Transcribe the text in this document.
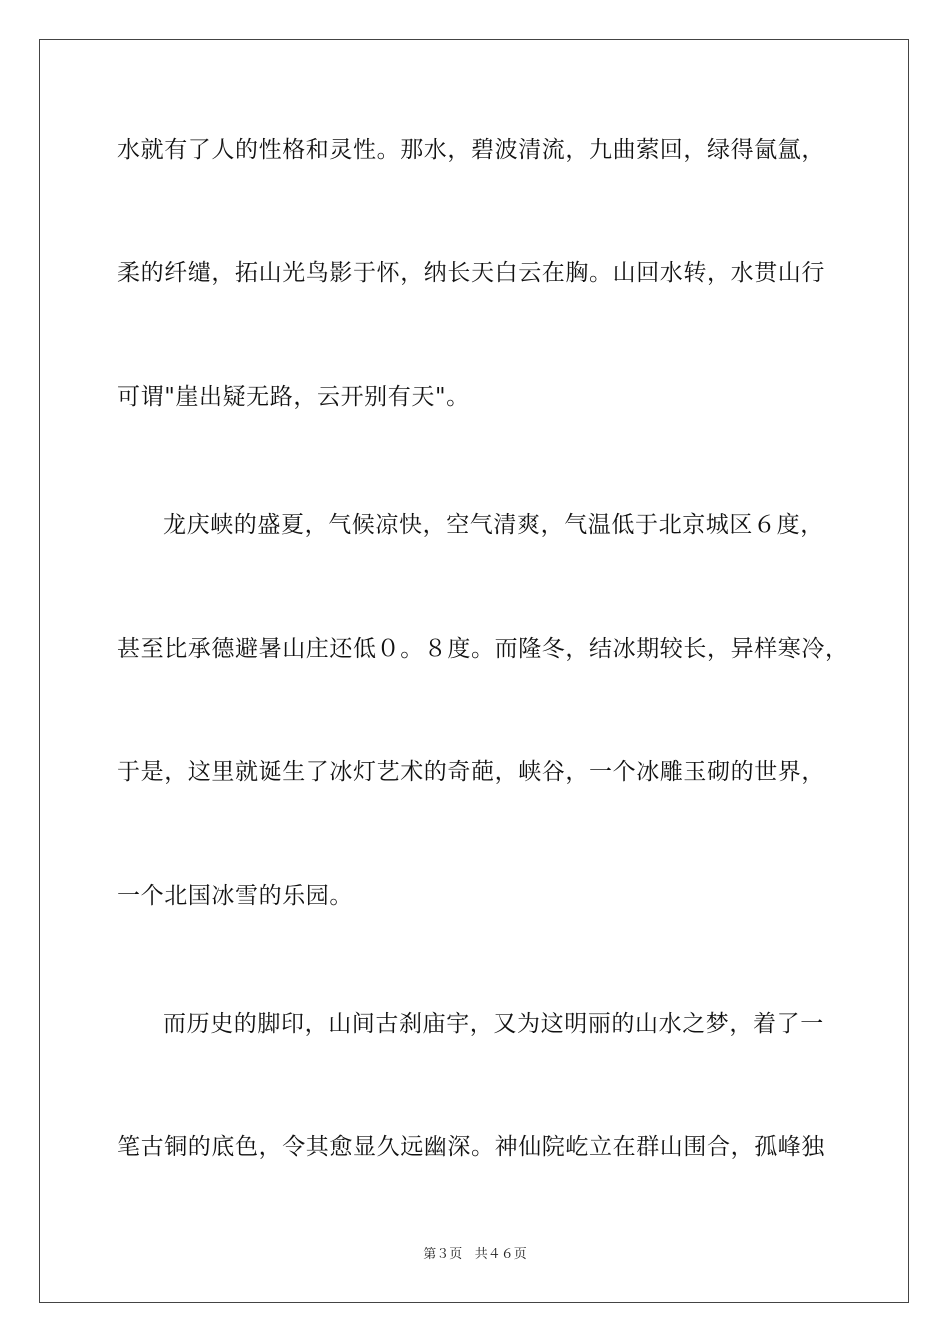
水就有了人的性格和灵性。那水，碧波清流，九曲萦回，绿得氤氲，
柔的纤缱，拓山光鸟影于怀，纳长天白云在胸。山回水转，水贯山行
可谓"崖出疑无路，云开别有天"。
龙庆峡的盛夏，气候凉快，空气清爽，气温低于北京城区６度，
甚至比承德避暑山庄还低０。８度。而隆冬，结冰期较长，异样寒冷，
于是，这里就诞生了冰灯艺术的奇葩，峡谷，一个冰雕玉砌的世界，
一个北国冰雪的乐园。
而历史的脚印，山间古刹庙宇，又为这明丽的山水之梦，着了一
笔古铜的底色，令其愈显久远幽深。神仙院屹立在群山围合，孤峰独
第３页 共４６页
